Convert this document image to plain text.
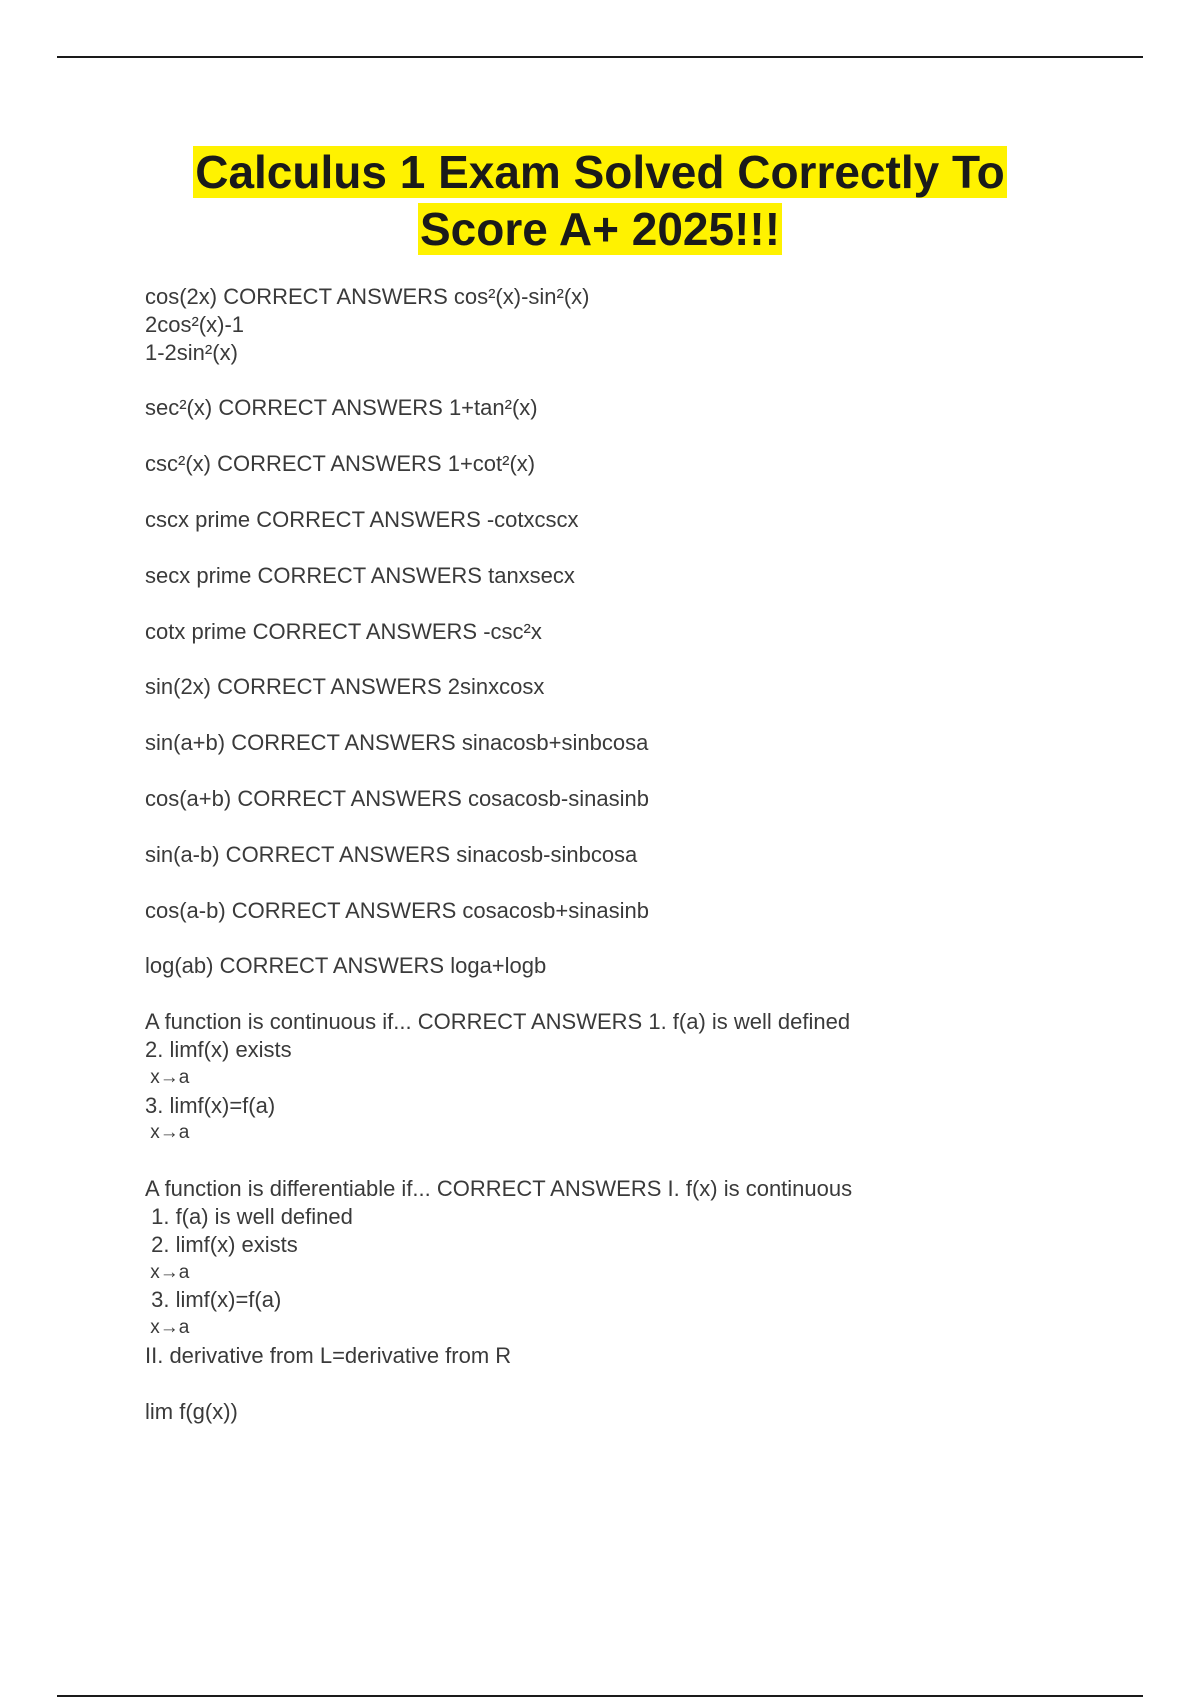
Calculus 1 Exam Solved Correctly To
Score A+ 2025!!!
cos(2x) CORRECT ANSWERS cos²(x)-sin²(x)
2cos²(x)-1
1-2sin²(x)
sec²(x) CORRECT ANSWERS 1+tan²(x)
csc²(x) CORRECT ANSWERS 1+cot²(x)
cscx prime CORRECT ANSWERS -cotxcscx
secx prime CORRECT ANSWERS tanxsecx
cotx prime CORRECT ANSWERS -csc²x
sin(2x) CORRECT ANSWERS 2sinxcosx
sin(a+b) CORRECT ANSWERS sinacosb+sinbcosa
cos(a+b) CORRECT ANSWERS cosacosb-sinasinb
sin(a-b) CORRECT ANSWERS sinacosb-sinbcosa
cos(a-b) CORRECT ANSWERS cosacosb+sinasinb
log(ab) CORRECT ANSWERS loga+logb
A function is continuous if... CORRECT ANSWERS 1. f(a) is well defined
2. limf(x) exists
x→a
3. limf(x)=f(a)
x→a
A function is differentiable if... CORRECT ANSWERS I. f(x) is continuous
1. f(a) is well defined
2. limf(x) exists
x→a
3. limf(x)=f(a)
x→a
II. derivative from L=derivative from R
lim f(g(x))
